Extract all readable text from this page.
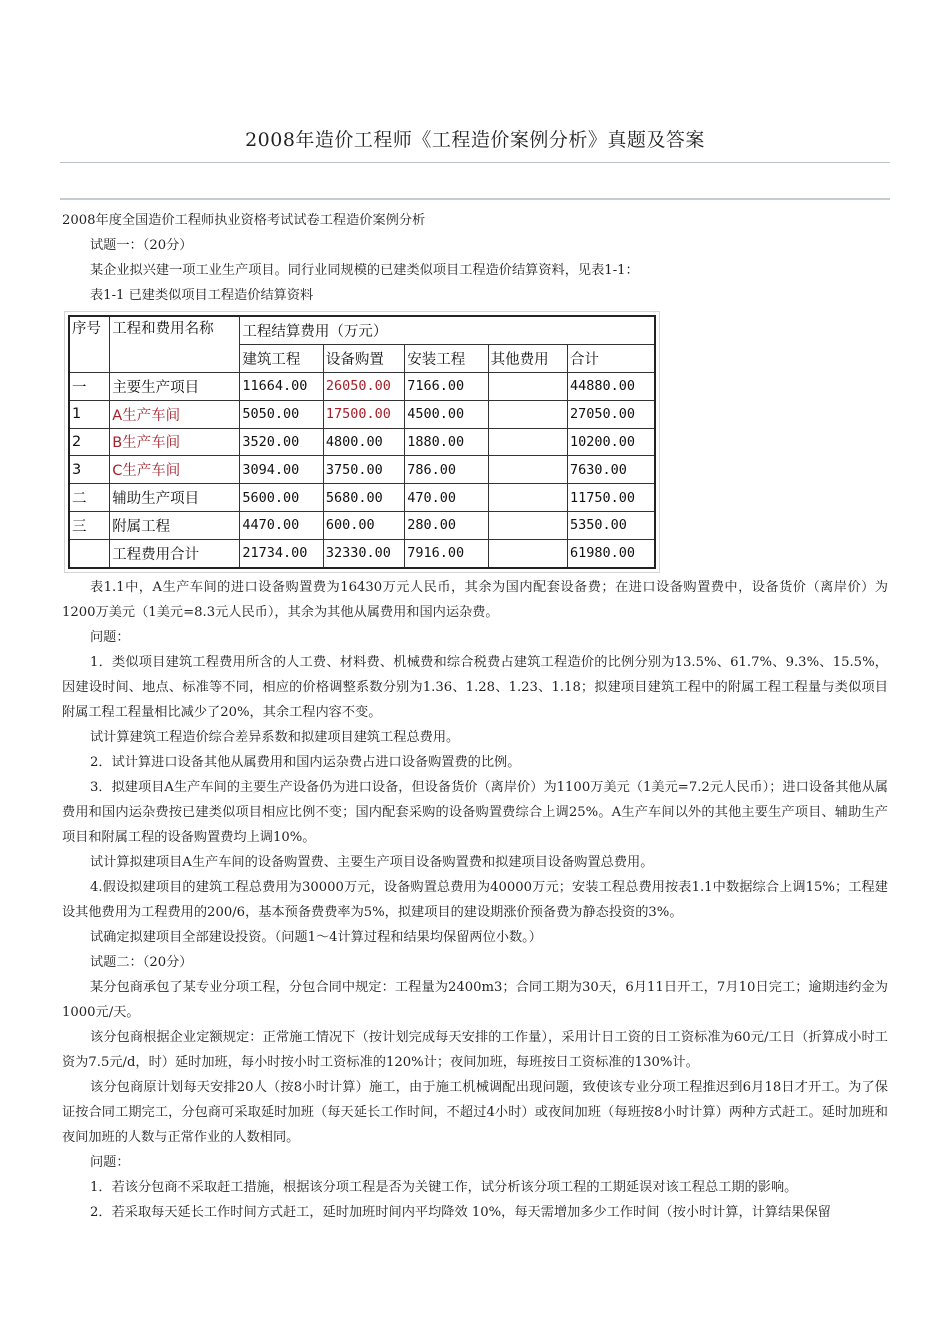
2008年造价工程师《工程造价案例分析》真题及答案

2008年度全国造价工程师执业资格考试试卷工程造价案例分析

试题一：（20分）

某企业拟兴建一项工业生产项目。同行业同规模的已建类似项目工程造价结算资料，见表1-1：

表1-1 已建类似项目工程造价结算资料

序号	工程和费用名称	工程结算费用（万元）				
		建筑工程	设备购置	安装工程	其他费用	合计
一	主要生产项目	11664.00	26050.00	7166.00		44880.00
1	A生产车间	5050.00	17500.00	4500.00		27050.00
2	B生产车间	3520.00	4800.00	1880.00		10200.00
3	C生产车间	3094.00	3750.00	786.00		7630.00
二	辅助生产项目	5600.00	5680.00	470.00		11750.00
三	附属工程	4470.00	600.00	280.00		5350.00
	工程费用合计	21734.00	32330.00	7916.00		61980.00

表1.1中，A生产车间的进口设备购置费为16430万元人民币，其余为国内配套设备费；在进口设备购置费中，设备货价（离岸价）为1200万美元（1美元=8.3元人民币），其余为其他从属费用和国内运杂费。

问题：

1．类似项目建筑工程费用所含的人工费、材料费、机械费和综合税费占建筑工程造价的比例分别为13.5%、61.7%、9.3%、15.5%，因建设时间、地点、标准等不同，相应的价格调整系数分别为1.36、1.28、1.23、1.18；拟建项目建筑工程中的附属工程工程量与类似项目附属工程工程量相比减少了20%，其余工程内容不变。

试计算建筑工程造价综合差异系数和拟建项目建筑工程总费用。

2．试计算进口设备其他从属费用和国内运杂费占进口设备购置费的比例。

3．拟建项目A生产车间的主要生产设备仍为进口设备，但设备货价（离岸价）为1100万美元（1美元=7.2元人民币）；进口设备其他从属费用和国内运杂费按已建类似项目相应比例不变；国内配套采购的设备购置费综合上调25%。A生产车间以外的其他主要生产项目、辅助生产项目和附属工程的设备购置费均上调10%。

试计算拟建项目A生产车间的设备购置费、主要生产项目设备购置费和拟建项目设备购置总费用。

4.假设拟建项目的建筑工程总费用为30000万元，设备购置总费用为40000万元；安装工程总费用按表1.1中数据综合上调15%；工程建设其他费用为工程费用的200/6，基本预备费费率为5%，拟建项目的建设期涨价预备费为静态投资的3%。

试确定拟建项目全部建设投资。（问题1～4计算过程和结果均保留两位小数。）

试题二：（20分）

某分包商承包了某专业分项工程，分包合同中规定：工程量为2400m3；合同工期为30天，6月11日开工，7月10日完工；逾期违约金为1000元/天。

该分包商根据企业定额规定：正常施工情况下（按计划完成每天安排的工作量），采用计日工资的日工资标准为60元/工日（折算成小时工资为7.5元/d，时）延时加班，每小时按小时工资标准的120%计；夜间加班，每班按日工资标准的130%计。

该分包商原计划每天安排20人（按8小时计算）施工，由于施工机械调配出现问题，致使该专业分项工程推迟到6月18日才开工。为了保证按合同工期完工，分包商可采取延时加班（每天延长工作时间，不超过4小时）或夜间加班（每班按8小时计算）两种方式赶工。延时加班和夜间加班的人数与正常作业的人数相同。

问题：

1．若该分包商不采取赶工措施，根据该分项工程是否为关键工作，试分析该分项工程的工期延误对该工程总工期的影响。

2．若采取每天延长工作时间方式赶工，延时加班时间内平均降效 10%，每天需增加多少工作时间（按小时计算，计算结果保留
